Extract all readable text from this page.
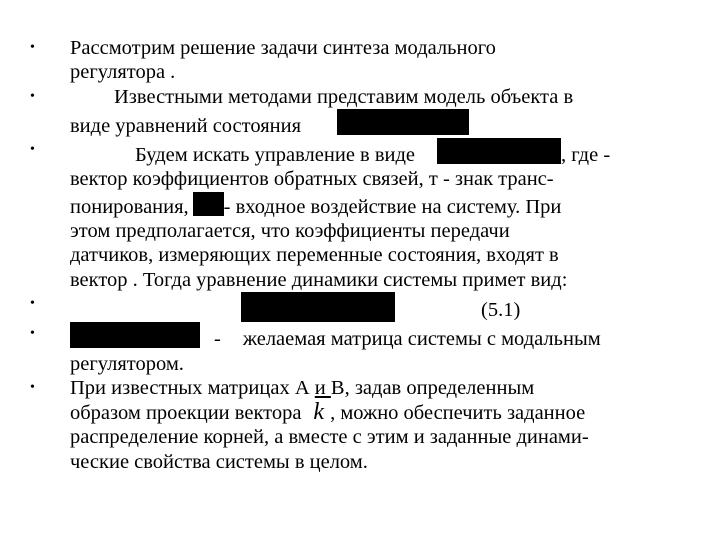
• Рассмотрим решение задачи синтеза модального
регулятора .
•	Известными методами представим модель объекта в
виде уравнений состояния
•	Будем искать управление в виде	, где -
вектор коэффициентов обратных связей, т - знак транс-
понирования, - входное воздействие на систему. При
этом предполагается, что коэффициенты передачи
датчиков, измеряющих переменные состояния, входят в
вектор . Тогда уравнение динамики системы примет вид:
•	(5.1)
•	- желаемая матрица системы с модальным
регулятором.
• При известных матрицах А и В, задав определенным
образом проекции вектора k , можно обеспечить заданное
распределение корней, а вместе с этим и заданные динами-
ческие свойства системы в целом.
